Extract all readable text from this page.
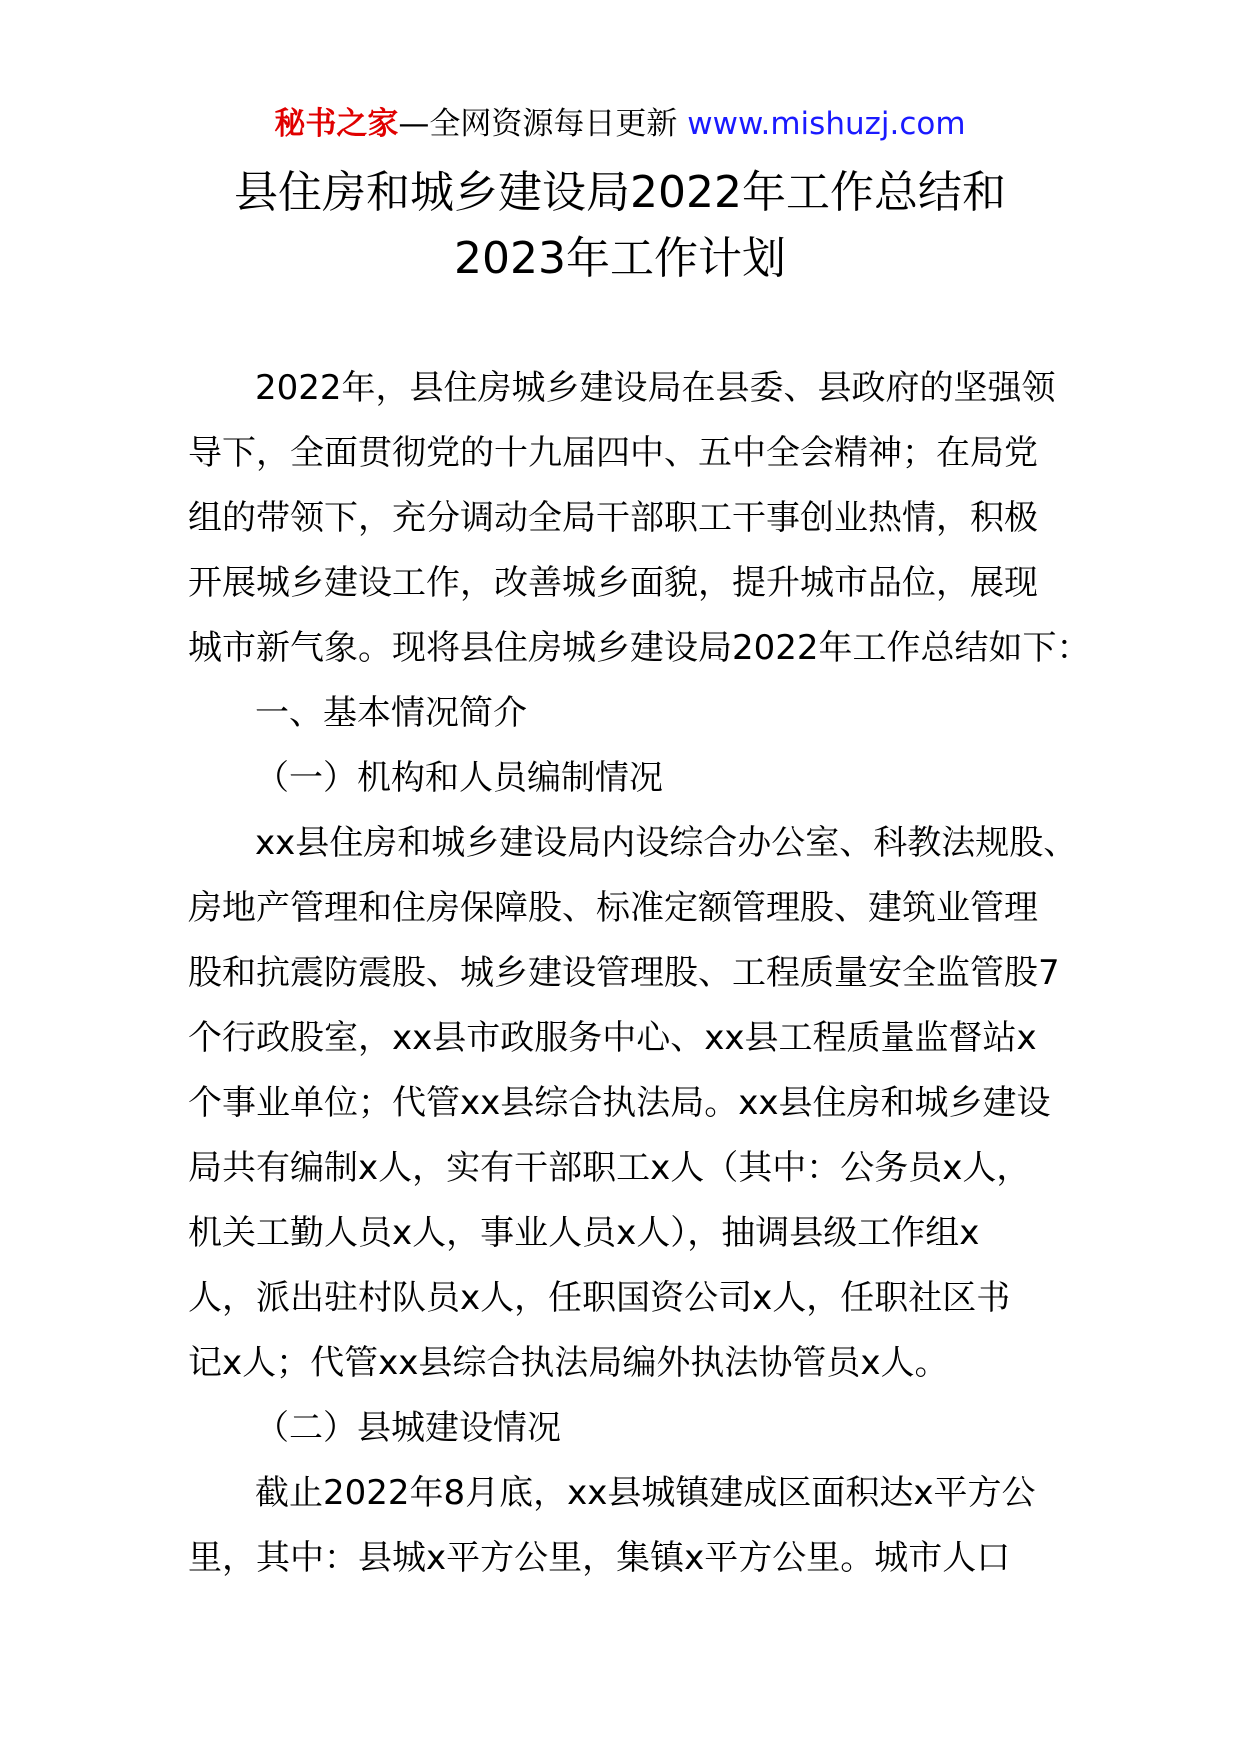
秘书之家—全网资源每日更新 www.mishuzj.com
县住房和城乡建设局2022年工作总结和
2023年工作计划
2022年，县住房城乡建设局在县委、县政府的坚强领
导下，全面贯彻党的十九届四中、五中全会精神；在局党
组的带领下，充分调动全局干部职工干事创业热情，积极
开展城乡建设工作，改善城乡面貌，提升城市品位，展现
城市新气象。现将县住房城乡建设局2022年工作总结如下：
一、基本情况简介
（一）机构和人员编制情况
xx县住房和城乡建设局内设综合办公室、科教法规股、
房地产管理和住房保障股、标准定额管理股、建筑业管理
股和抗震防震股、城乡建设管理股、工程质量安全监管股7
个行政股室，xx县市政服务中心、xx县工程质量监督站x
个事业单位；代管xx县综合执法局。xx县住房和城乡建设
局共有编制x人，实有干部职工x人（其中：公务员x人，
机关工勤人员x人，事业人员x人），抽调县级工作组x
人，派出驻村队员x人，任职国资公司x人，任职社区书
记x人；代管xx县综合执法局编外执法协管员x人。
（二）县城建设情况
截止2022年8月底，xx县城镇建成区面积达x平方公
里，其中：县城x平方公里，集镇x平方公里。城市人口
